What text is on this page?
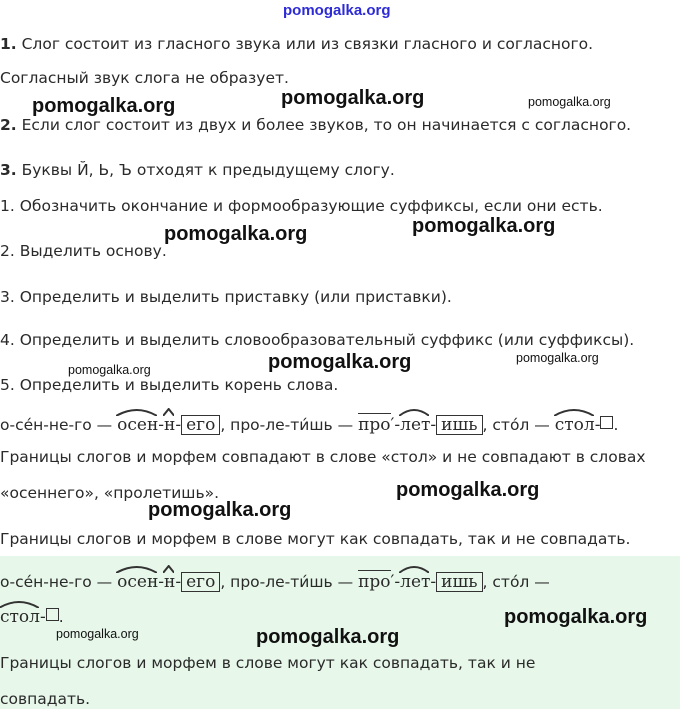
pomogalka.org
1. Слог состоит из гласного звука или из связки гласного и согласного.
Согласный звук слога не образует.
2. Если слог состоит из двух и более звуков, то он начинается с согласного.
3. Буквы Й, Ь, Ъ отходят к предыдущему слогу.
1. Обозначить окончание и формообразующие суффиксы, если они есть.
2. Выделить основу.
3. Определить и выделить приставку (или приставки).
4. Определить и выделить словообразовательный суффикс (или суффиксы).
5. Определить и выделить корень слова.
о-се́н-не-го — осен-
н- его , про-ле-ти́шь — про′-
лет- ишь , сто́л — стол- .
Границы слогов и морфем совпадают в слове «стол» и не совпадают в словах
«осеннего», «пролетишь».
Границы слогов и морфем в слове могут как совпадать, так и не совпадать.
о-се́н-не-го — осен-
н- его , про-ле-ти́шь — про′-
лет- ишь , сто́л —
стол- .
Границы слогов и морфем в слове могут как совпадать, так и не
совпадать.
pomogalka.org	pomogalka.org	pomogalka.org
pomogalka.org	pomogalka.org
pomogalka.org	pomogalka.org	pomogalka.org
pomogalka.org
pomogalka.org
pomogalka.org	pomogalka.org
pomogalka.org
